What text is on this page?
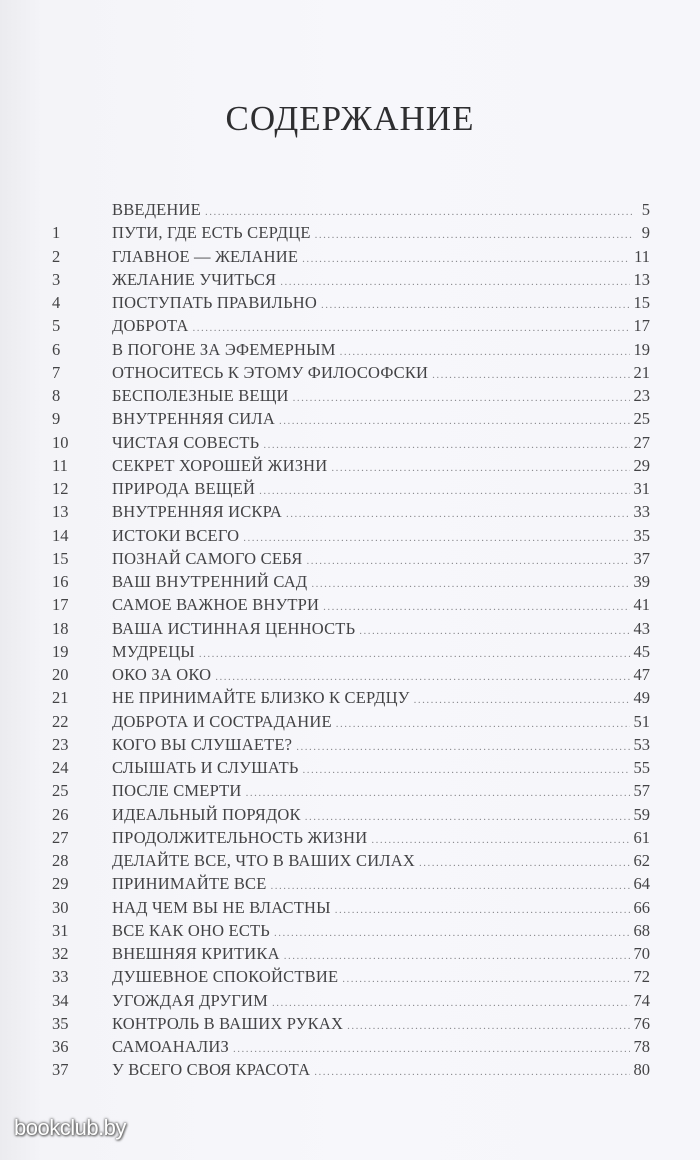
СОДЕРЖАНИЕ
ВВЕДЕНИЕ .....	5
1	ПУТИ, ГДЕ ЕСТЬ СЕРДЦЕ .....	9
2	ГЛАВНОЕ — ЖЕЛАНИЕ .....	11
3	ЖЕЛАНИЕ УЧИТЬСЯ .....	13
4	ПОСТУПАТЬ ПРАВИЛЬНО .....	15
5	ДОБРОТА .....	17
6	В ПОГОНЕ ЗА ЭФЕМЕРНЫМ .....	19
7	ОТНОСИТЕСЬ К ЭТОМУ ФИЛОСОФСКИ .....	21
8	БЕСПОЛЕЗНЫЕ ВЕЩИ .....	23
9	ВНУТРЕННЯЯ СИЛА .....	25
10	ЧИСТАЯ СОВЕСТЬ .....	27
11	СЕКРЕТ ХОРОШЕЙ ЖИЗНИ .....	29
12	ПРИРОДА ВЕЩЕЙ .....	31
13	ВНУТРЕННЯЯ ИСКРА .....	33
14	ИСТОКИ ВСЕГО .....	35
15	ПОЗНАЙ САМОГО СЕБЯ .....	37
16	ВАШ ВНУТРЕННИЙ САД .....	39
17	САМОЕ ВАЖНОЕ ВНУТРИ .....	41
18	ВАША ИСТИННАЯ ЦЕННОСТЬ .....	43
19	МУДРЕЦЫ .....	45
20	ОКО ЗА ОКО .....	47
21	НЕ ПРИНИМАЙТЕ БЛИЗКО К СЕРДЦУ .....	49
22	ДОБРОТА И СОСТРАДАНИЕ .....	51
23	КОГО ВЫ СЛУШАЕТЕ? .....	53
24	СЛЫШАТЬ И СЛУШАТЬ .....	55
25	ПОСЛЕ СМЕРТИ .....	57
26	ИДЕАЛЬНЫЙ ПОРЯДОК .....	59
27	ПРОДОЛЖИТЕЛЬНОСТЬ ЖИЗНИ .....	61
28	ДЕЛАЙТЕ ВСЕ, ЧТО В ВАШИХ СИЛАХ .....	62
29	ПРИНИМАЙТЕ ВСЕ .....	64
30	НАД ЧЕМ ВЫ НЕ ВЛАСТНЫ .....	66
31	ВСЕ КАК ОНО ЕСТЬ .....	68
32	ВНЕШНЯЯ КРИТИКА .....	70
33	ДУШЕВНОЕ СПОКОЙСТВИЕ .....	72
34	УГОЖДАЯ ДРУГИМ .....	74
35	КОНТРОЛЬ В ВАШИХ РУКАХ .....	76
36	САМОАНАЛИЗ .....	78
37	У ВСЕГО СВОЯ КРАСОТА .....	80
bookclub.by
